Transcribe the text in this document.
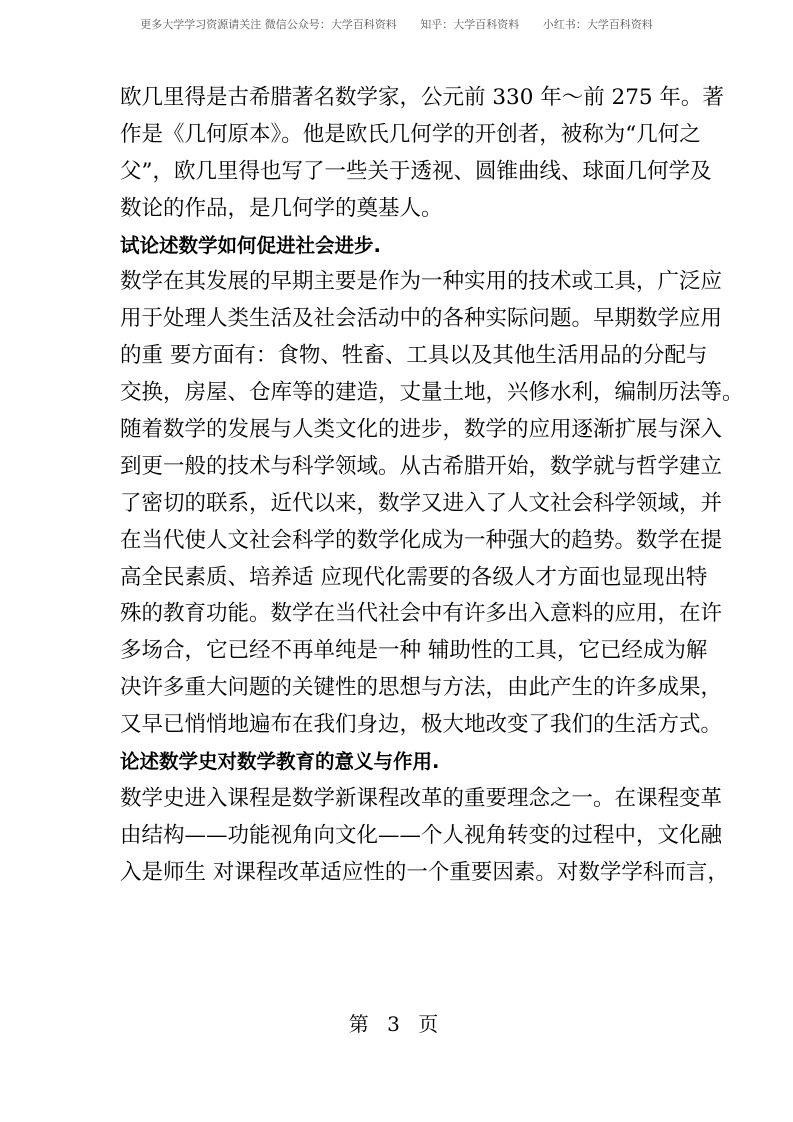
更多大学学习资源请关注 微信公众号：大学百科资料 知乎：大学百科资料 小红书：大学百科资料
欧几里得是古希腊著名数学家，公元前 330 年～前 275 年。著
作是《几何原本》。他是欧氏几何学的开创者，被称为“几何之
父”，欧几里得也写了一些关于透视、圆锥曲线、球面几何学及
数论的作品，是几何学的奠基人。
试论述数学如何促进社会进步.
数学在其发展的早期主要是作为一种实用的技术或工具，广泛应
用于处理人类生活及社会活动中的各种实际问题。早期数学应用
的重 要方面有：食物、牲畜、工具以及其他生活用品的分配与
交换，房屋、仓库等的建造，丈量土地，兴修水利，编制历法等。
随着数学的发展与人类文化的进步，数学的应用逐渐扩展与深入
到更一般的技术与科学领域。从古希腊开始，数学就与哲学建立
了密切的联系，近代以来，数学又进入了人文社会科学领域，并
在当代使人文社会科学的数学化成为一种强大的趋势。数学在提
高全民素质、培养适 应现代化需要的各级人才方面也显现出特
殊的教育功能。数学在当代社会中有许多出入意料的应用，在许
多场合，它已经不再单纯是一种 辅助性的工具，它已经成为解
决许多重大问题的关键性的思想与方法，由此产生的许多成果，
又早已悄悄地遍布在我们身边，极大地改变了我们的生活方式。
论述数学史对数学教育的意义与作用.
数学史进入课程是数学新课程改革的重要理念之一。在课程变革
由结构——功能视角向文化——个人视角转变的过程中，文化融
入是师生 对课程改革适应性的一个重要因素。对数学学科而言，
第 3 页
